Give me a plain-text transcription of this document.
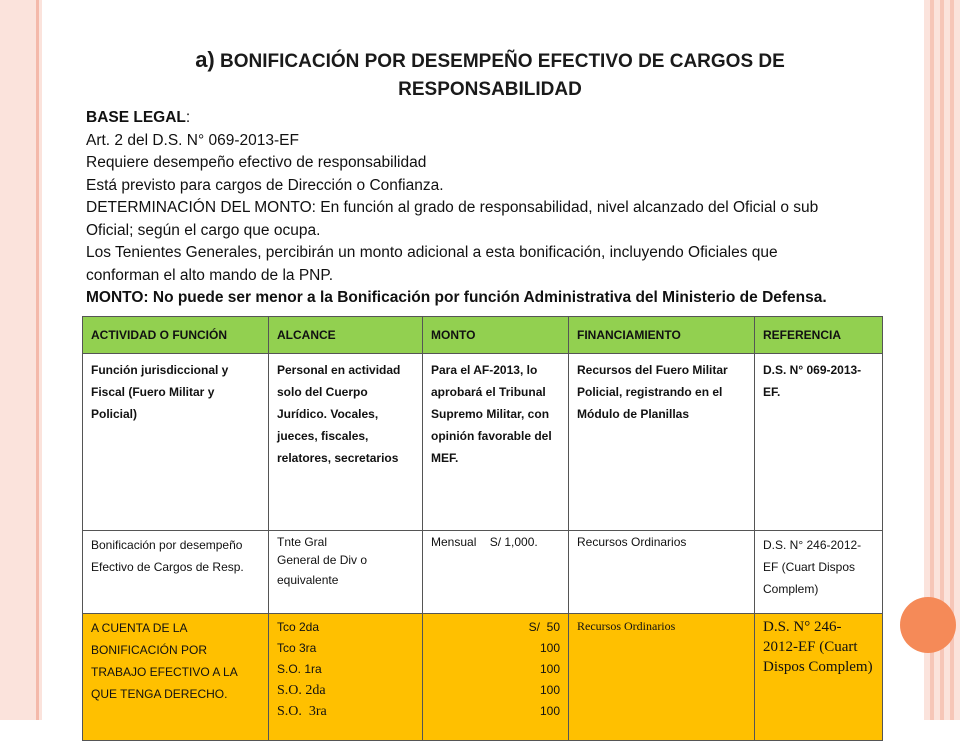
a) BONIFICACIÓN POR DESEMPEÑO EFECTIVO DE CARGOS DE RESPONSABILIDAD
BASE LEGAL:
Art. 2 del D.S. N° 069-2013-EF
Requiere desempeño efectivo de responsabilidad
Está previsto para cargos de Dirección o Confianza.
DETERMINACIÓN DEL MONTO: En función al grado de responsabilidad, nivel alcanzado del Oficial o sub
Oficial; según el cargo que ocupa.
Los Tenientes Generales, percibirán un monto adicional a esta bonificación, incluyendo Oficiales que
conforman el alto mando de la PNP.
MONTO: No puede ser menor a la Bonificación por función Administrativa del Ministerio de Defensa.
ACTIVIDAD O FUNCIÓN	ALCANCE	MONTO	FINANCIAMIENTO	REFERENCIA
Función jurisdiccional y Fiscal (Fuero Militar y Policial)	Personal en actividad solo del Cuerpo Jurídico. Vocales, jueces, fiscales, relatores, secretarios	Para el AF-2013, lo aprobará el Tribunal Supremo Militar, con opinión favorable del MEF.	Recursos del Fuero Militar Policial, registrando en el Módulo de Planillas	D.S. N° 069-2013-EF.
Bonificación por desempeño Efectivo de Cargos de Resp.	Tnte Gral
General de Div o equivalente	Mensual    S/ 1,000.	Recursos Ordinarios	D.S. N° 246-2012-EF (Cuart Dispos Complem)
A CUENTA DE LA BONIFICACIÓN POR TRABAJO EFECTIVO A LA QUE TENGA DERECHO.	Tco 2da
Tco 3ra
S.O. 1ra
S.O. 2da
S.O.  3ra	S/  50
100
100
100
100	Recursos Ordinarios	D.S. N° 246-2012-EF (Cuart Dispos Complem)
